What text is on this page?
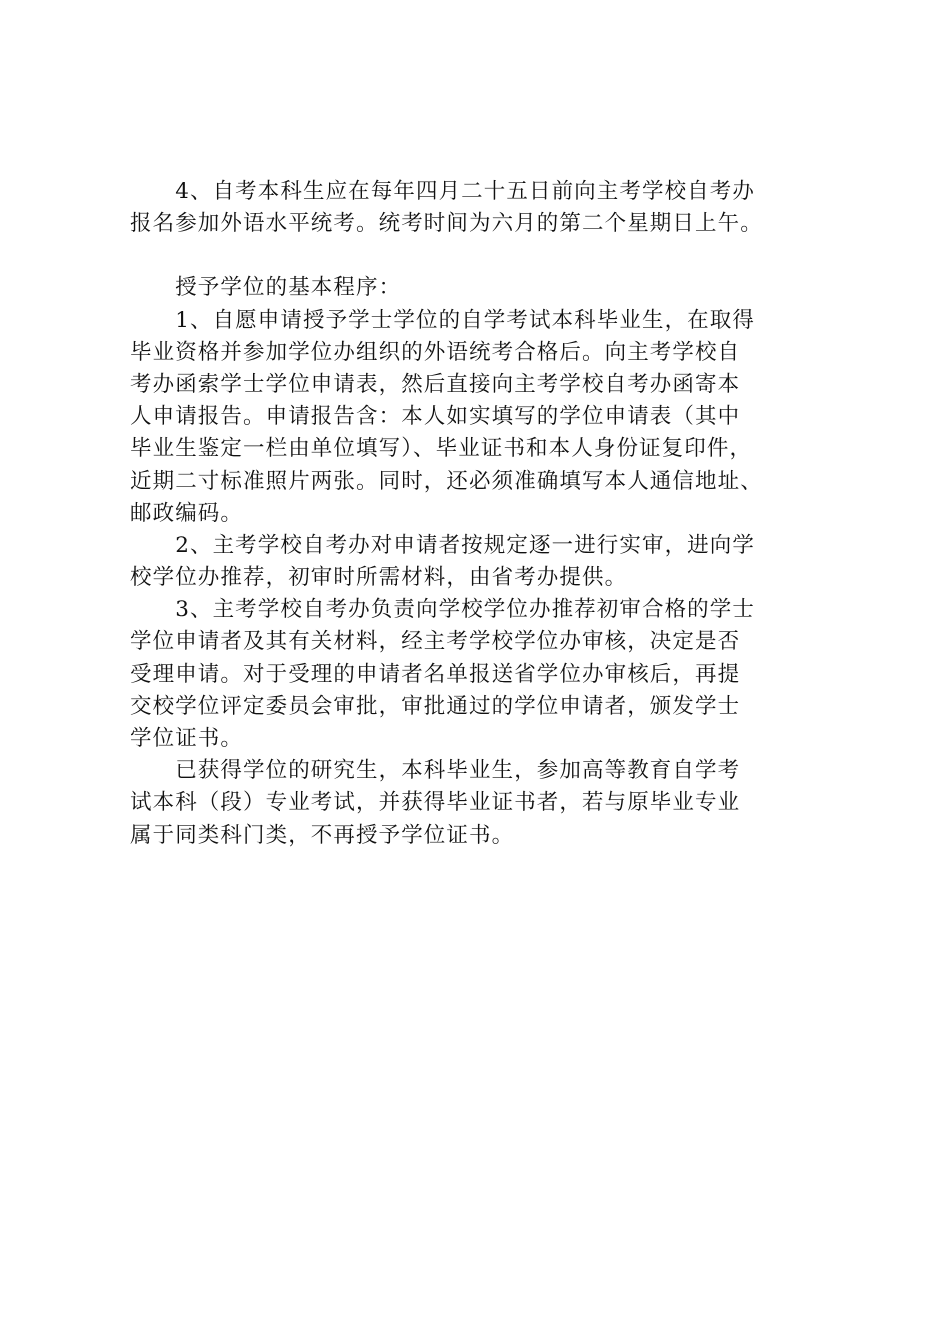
　　4、自考本科生应在每年四月二十五日前向主考学校自考办
报名参加外语水平统考。统考时间为六月的第二个星期日上午。
　　授予学位的基本程序：
　　1、自愿申请授予学士学位的自学考试本科毕业生，在取得
毕业资格并参加学位办组织的外语统考合格后。向主考学校自
考办函索学士学位申请表，然后直接向主考学校自考办函寄本
人申请报告。申请报告含：本人如实填写的学位申请表（其中
毕业生鉴定一栏由单位填写）、毕业证书和本人身份证复印件，
近期二寸标准照片两张。同时，还必须准确填写本人通信地址、
邮政编码。
　　2、主考学校自考办对申请者按规定逐一进行实审，进向学
校学位办推荐，初审时所需材料，由省考办提供。
　　3、主考学校自考办负责向学校学位办推荐初审合格的学士
学位申请者及其有关材料，经主考学校学位办审核，决定是否
受理申请。对于受理的申请者名单报送省学位办审核后，再提
交校学位评定委员会审批，审批通过的学位申请者，颁发学士
学位证书。
　　已获得学位的研究生，本科毕业生，参加高等教育自学考
试本科（段）专业考试，并获得毕业证书者，若与原毕业专业
属于同类科门类，不再授予学位证书。
